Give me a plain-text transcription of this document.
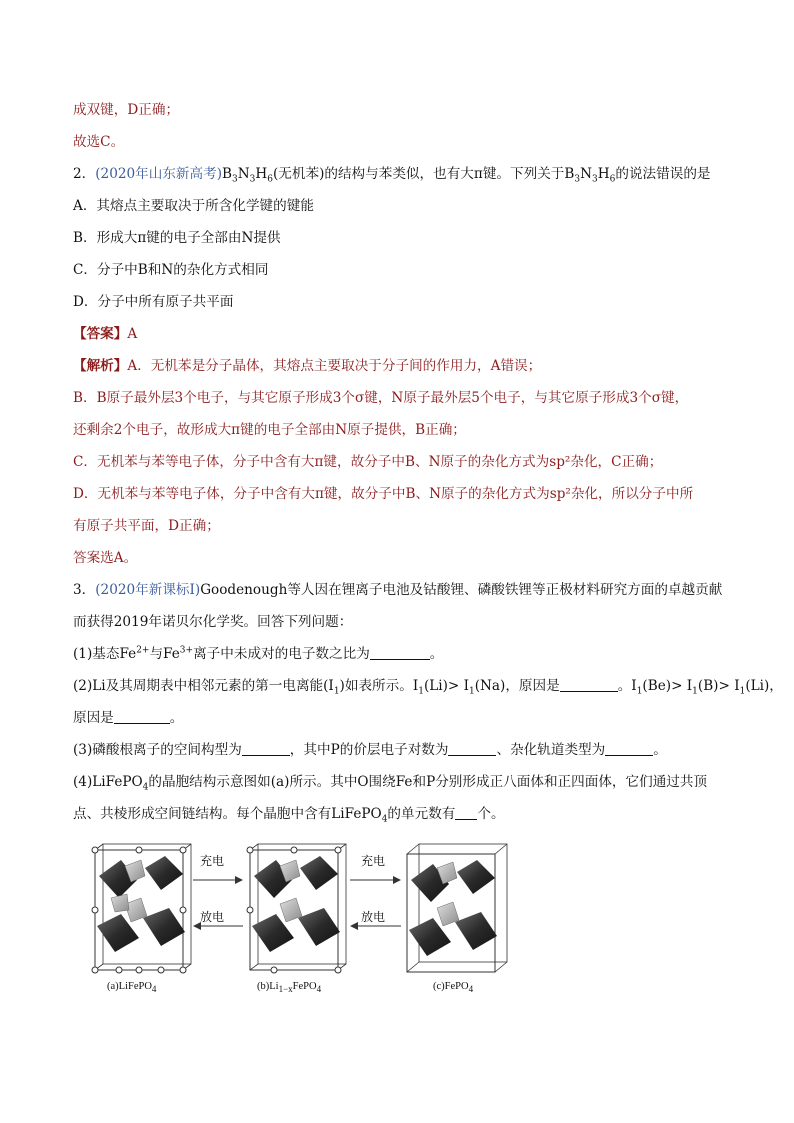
成双键，D正确；
故选C。
2．(2020年山东新高考)$B_3N_3H_6$(无机苯)的结构与苯类似，也有大π键。下列关于$B_3N_3H_6$的说法错误的是
A．其熔点主要取决于所含化学键的键能
B．形成大π键的电子全部由N提供
C．分子中B和N的杂化方式相同
D．分子中所有原子共平面
【答案】A
【解析】A．无机苯是分子晶体，其熔点主要取决于分子间的作用力，A错误；
B．B原子最外层3个电子，与其它原子形成3个σ键，N原子最外层5个电子，与其它原子形成3个σ键，
还剩余2个电子，故形成大π键的电子全部由N原子提供，B正确；
C．无机苯与苯等电子体，分子中含有大π键，故分子中B、N原子的杂化方式为sp²杂化，C正确；
D．无机苯与苯等电子体，分子中含有大π键，故分子中B、N原子的杂化方式为sp²杂化，所以分子中所
有原子共平面，D正确；
答案选A。
3．(2020年新课标Ⅰ)Goodenough等人因在锂离子电池及钴酸锂、磷酸铁锂等正极材料研究方面的卓越贡献
而获得2019年诺贝尔化学奖。回答下列问题：
(1)基态$Fe^{2+}$与$Fe^{3+}$离子中未成对的电子数之比为	。
(2)Li及其周期表中相邻元素的第一电离能$(I_1)$如表所示。$I_1(Li)> I_1(Na)$，原因是	。$I_1(Be)> I_1(B)> I_1(Li)$，
原因是	。
(3)磷酸根离子的空间构型为	，其中P的价层电子对数为	、杂化轨道类型为	。
(4)LiFePO$_4$的晶胞结构示意图如(a)所示。其中O围绕Fe和P分别形成正八面体和正四面体，它们通过共顶
点、共棱形成空间链结构。每个晶胞中含有LiFePO$_4$的单元数有 个。
充电
放电
充电
放电
(a)LiFePO$_4$	$(b)Li_{1-x}FePO_4$	(c)FePO$_4$
